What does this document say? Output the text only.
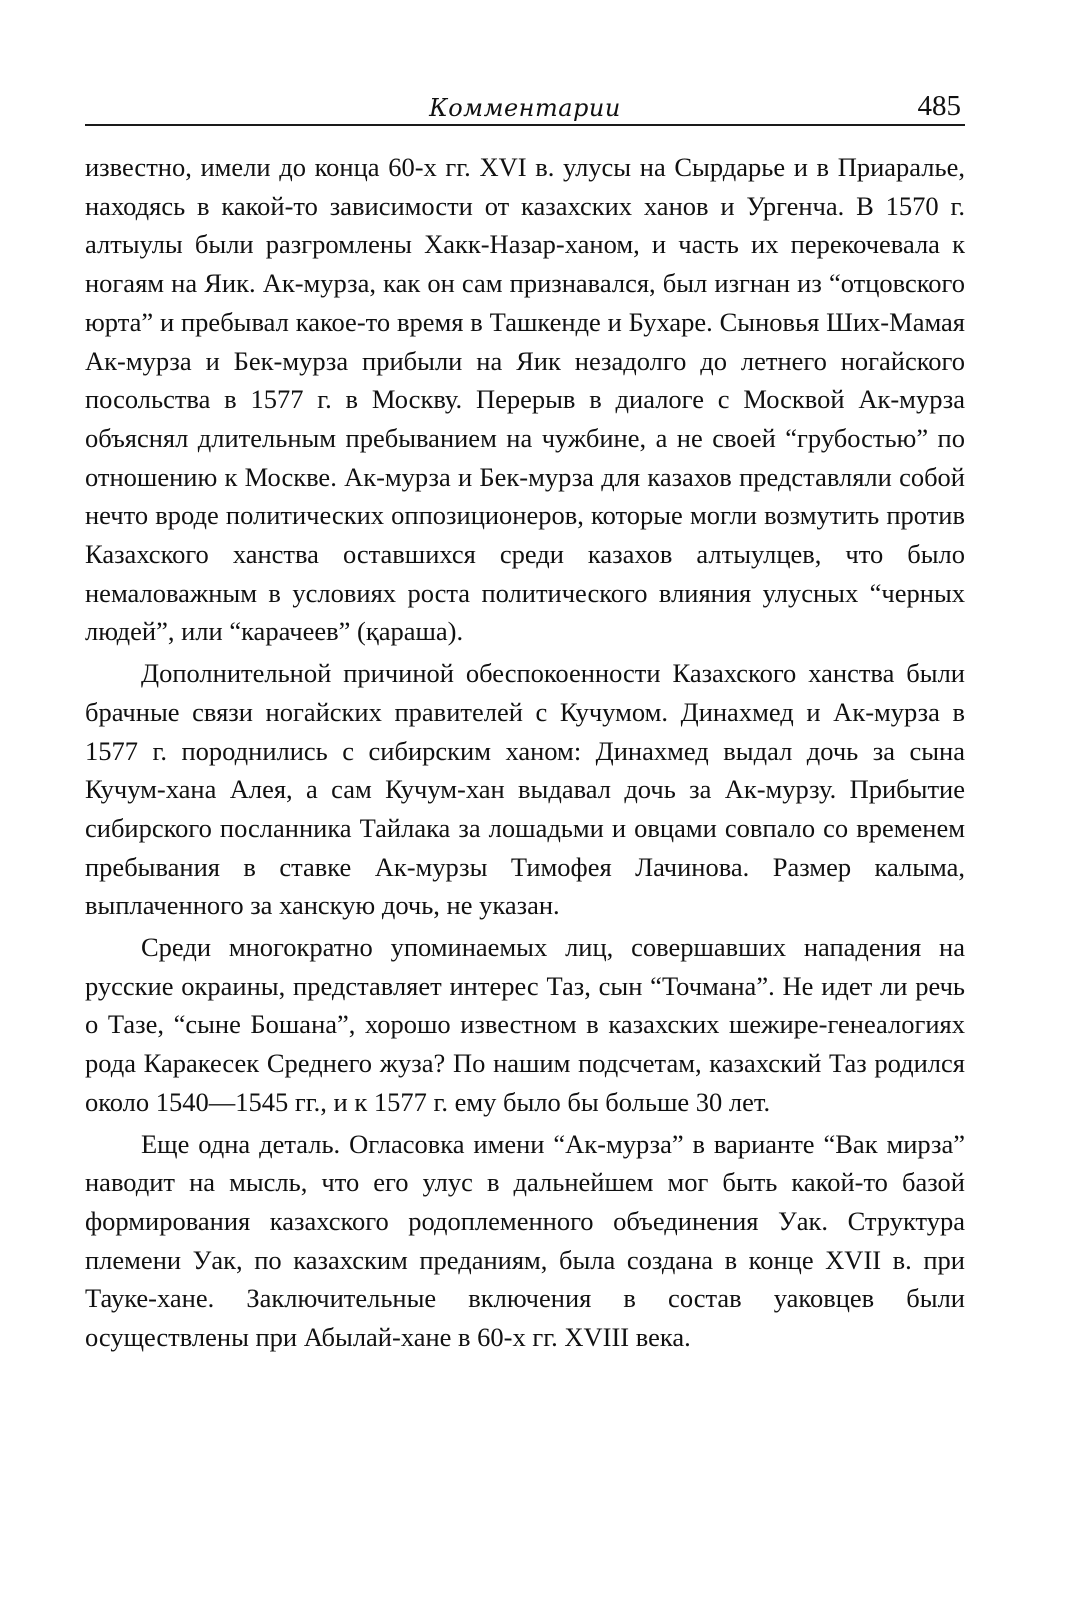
Комментарии	485

известно, имели до конца 60-х гг. XVI в. улусы на Сырдарье и в Приаралье, находясь в какой-то зависимости от казахских ханов и Ургенча. В 1570 г. алтыулы были разгромлены Хакк-Назар-ханом, и часть их перекочевала к ногаям на Яик. Ак-мурза, как он сам признавался, был изгнан из “отцовского юрта” и пребывал какое-то время в Ташкенде и Бухаре. Сыновья Ших-Мамая Ак-мурза и Бек-мурза прибыли на Яик незадолго до летнего ногайского посольства в 1577 г. в Москву. Перерыв в диалоге с Москвой Ак-мурза объяснял длительным пребыванием на чужбине, а не своей “грубостью” по отношению к Москве. Ак-мурза и Бек-мурза для казахов представляли собой нечто вроде политических оппозиционеров, которые могли возмутить против Казахского ханства оставшихся среди казахов алтыулцев, что было немаловажным в условиях роста политического влияния улусных “черных людей”, или “карачеев” (қараша).

Дополнительной причиной обеспокоенности Казахского ханства были брачные связи ногайских правителей с Кучумом. Динахмед и Ак-мурза в 1577 г. породнились с сибирским ханом: Динахмед выдал дочь за сына Кучум-хана Алея, а сам Кучум-хан выдавал дочь за Ак-мурзу. Прибытие сибирского посланника Тайлака за лошадьми и овцами совпало со временем пребывания в ставке Ак-мурзы Тимофея Лачинова. Размер калыма, выплаченного за ханскую дочь, не указан.

Среди многократно упоминаемых лиц, совершавших нападения на русские окраины, представляет интерес Таз, сын “Точмана”. Не идет ли речь о Тазе, “сыне Бошана”, хорошо известном в казахских шежире-генеалогиях рода Каракесек Среднего жуза? По нашим подсчетам, казахский Таз родился около 1540—1545 гг., и к 1577 г. ему было бы больше 30 лет.

Еще одна деталь. Огласовка имени “Ак-мурза” в варианте “Вак мирза” наводит на мысль, что его улус в дальнейшем мог быть какой-то базой формирования казахского родоплеменного объединения Уак. Структура племени Уак, по казахским преданиям, была создана в конце XVII в. при Тауке-хане. Заключительные включения в состав уаковцев были осуществлены при Абылай-хане в 60-х гг. XVIII века.
